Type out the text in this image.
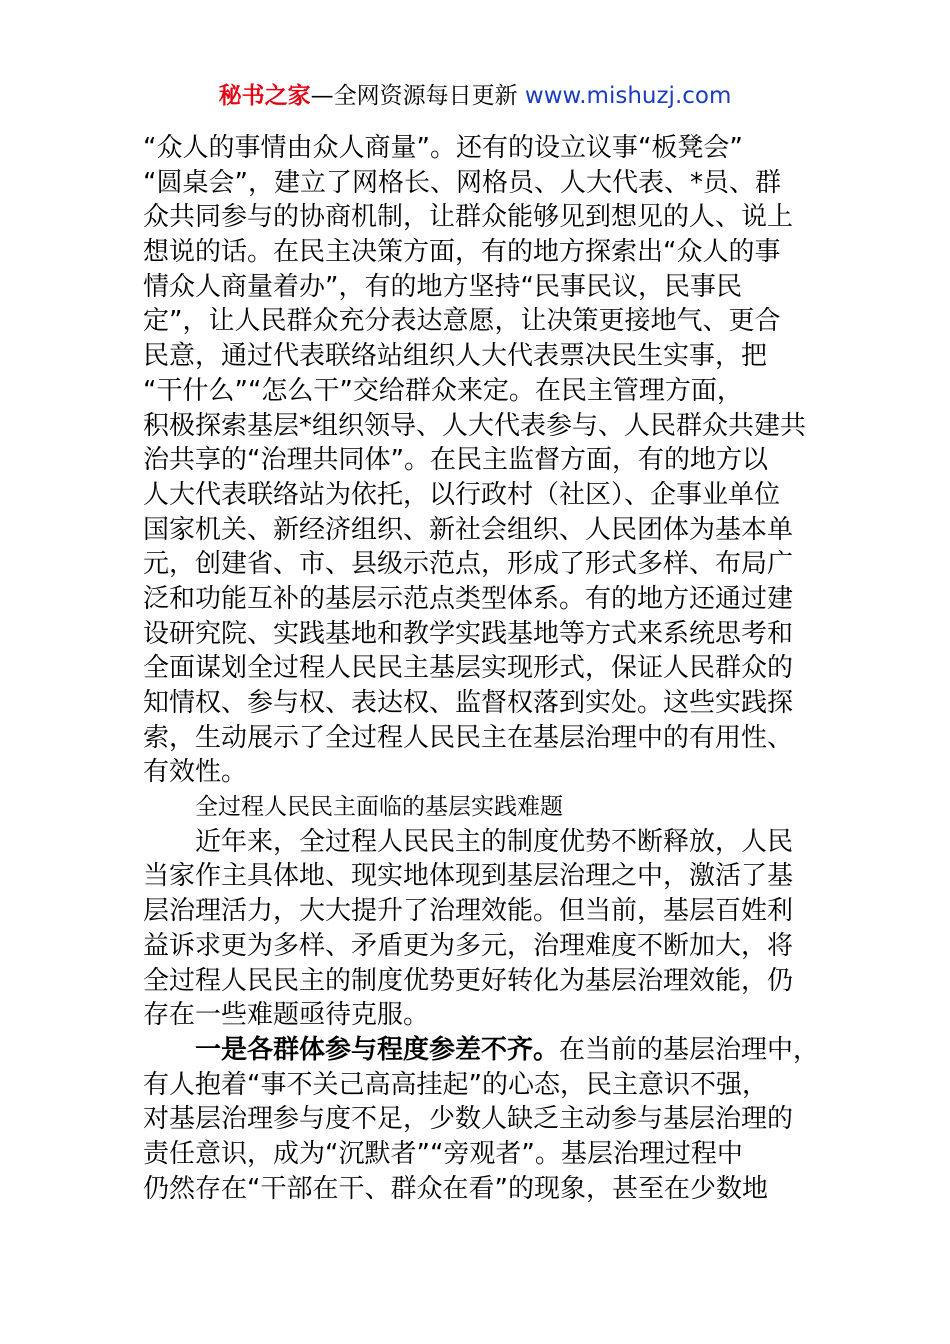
秘书之家—全网资源每日更新 www.mishuzj.com
“众人的事情由众人商量”。还有的设立议事“板凳会”
“圆桌会”，建立了网格长、网格员、人大代表、*员、群
众共同参与的协商机制，让群众能够见到想见的人、说上
想说的话。在民主决策方面，有的地方探索出“众人的事
情众人商量着办”，有的地方坚持“民事民议，民事民
定”，让人民群众充分表达意愿，让决策更接地气、更合
民意，通过代表联络站组织人大代表票决民生实事，把
“干什么”“怎么干”交给群众来定。在民主管理方面，
积极探索基层*组织领导、人大代表参与、人民群众共建共
治共享的“治理共同体”。在民主监督方面，有的地方以
人大代表联络站为依托，以行政村（社区）、企事业单位
国家机关、新经济组织、新社会组织、人民团体为基本单
元，创建省、市、县级示范点，形成了形式多样、布局广
泛和功能互补的基层示范点类型体系。有的地方还通过建
设研究院、实践基地和教学实践基地等方式来系统思考和
全面谋划全过程人民民主基层实现形式，保证人民群众的
知情权、参与权、表达权、监督权落到实处。这些实践探
索，生动展示了全过程人民民主在基层治理中的有用性、
有效性。
全过程人民民主面临的基层实践难题
近年来，全过程人民民主的制度优势不断释放，人民
当家作主具体地、现实地体现到基层治理之中，激活了基
层治理活力，大大提升了治理效能。但当前，基层百姓利
益诉求更为多样、矛盾更为多元，治理难度不断加大，将
全过程人民民主的制度优势更好转化为基层治理效能，仍
存在一些难题亟待克服。
一是各群体参与程度参差不齐。在当前的基层治理中，
有人抱着“事不关己高高挂起”的心态，民主意识不强，
对基层治理参与度不足，少数人缺乏主动参与基层治理的
责任意识，成为“沉默者”“旁观者”。基层治理过程中
仍然存在“干部在干、群众在看”的现象，甚至在少数地
